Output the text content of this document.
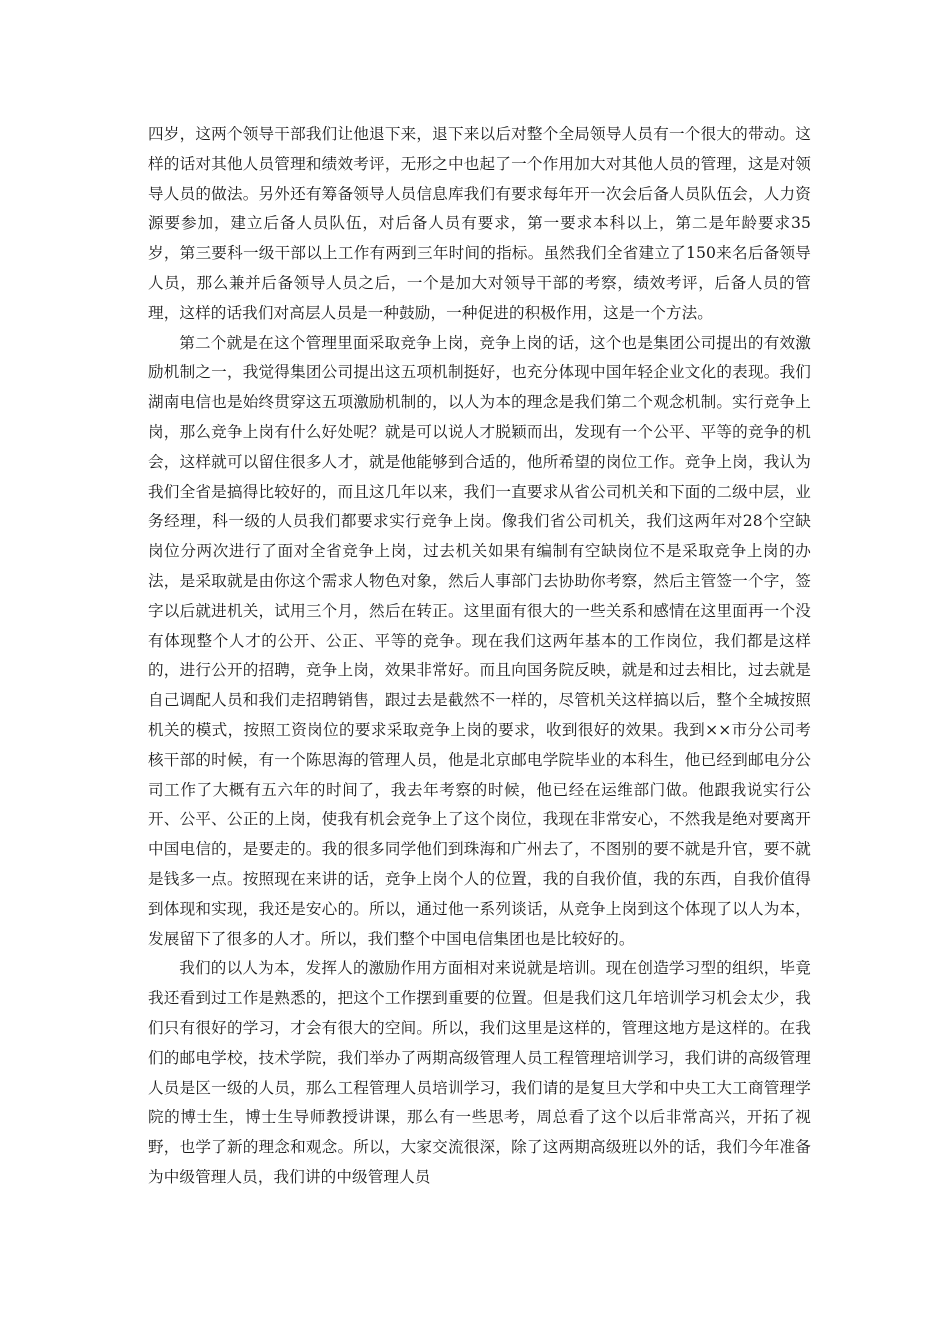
四岁，这两个领导干部我们让他退下来，退下来以后对整个全局领导人员有一个很大的带动。这样的话对其他人员管理和绩效考评，无形之中也起了一个作用加大对其他人员的管理，这是对领导人员的做法。另外还有筹备领导人员信息库我们有要求每年开一次会后备人员队伍会，人力资源要参加，建立后备人员队伍，对后备人员有要求，第一要求本科以上，第二是年龄要求35岁，第三要科一级干部以上工作有两到三年时间的指标。虽然我们全省建立了150来名后备领导人员，那么兼并后备领导人员之后，一个是加大对领导干部的考察，绩效考评，后备人员的管理，这样的话我们对高层人员是一种鼓励，一种促进的积极作用，这是一个方法。

第二个就是在这个管理里面采取竞争上岗，竞争上岗的话，这个也是集团公司提出的有效激励机制之一，我觉得集团公司提出这五项机制挺好，也充分体现中国年轻企业文化的表现。我们湖南电信也是始终贯穿这五项激励机制的，以人为本的理念是我们第二个观念机制。实行竞争上岗，那么竞争上岗有什么好处呢？就是可以说人才脱颖而出，发现有一个公平、平等的竞争的机会，这样就可以留住很多人才，就是他能够到合适的，他所希望的岗位工作。竞争上岗，我认为我们全省是搞得比较好的，而且这几年以来，我们一直要求从省公司机关和下面的二级中层，业务经理，科一级的人员我们都要求实行竞争上岗。像我们省公司机关，我们这两年对28个空缺岗位分两次进行了面对全省竞争上岗，过去机关如果有编制有空缺岗位不是采取竞争上岗的办法，是采取就是由你这个需求人物色对象，然后人事部门去协助你考察，然后主管签一个字，签字以后就进机关，试用三个月，然后在转正。这里面有很大的一些关系和感情在这里面再一个没有体现整个人才的公开、公正、平等的竞争。现在我们这两年基本的工作岗位，我们都是这样的，进行公开的招聘，竞争上岗，效果非常好。而且向国务院反映，就是和过去相比，过去就是自己调配人员和我们走招聘销售，跟过去是截然不一样的，尽管机关这样搞以后，整个全城按照机关的模式，按照工资岗位的要求采取竞争上岗的要求，收到很好的效果。我到××市分公司考核干部的时候，有一个陈思海的管理人员，他是北京邮电学院毕业的本科生，他已经到邮电分公司工作了大概有五六年的时间了，我去年考察的时候，他已经在运维部门做。他跟我说实行公开、公平、公正的上岗，使我有机会竞争上了这个岗位，我现在非常安心，不然我是绝对要离开中国电信的，是要走的。我的很多同学他们到珠海和广州去了，不图别的要不就是升官，要不就是钱多一点。按照现在来讲的话，竞争上岗个人的位置，我的自我价值，我的东西，自我价值得到体现和实现，我还是安心的。所以，通过他一系列谈话，从竞争上岗到这个体现了以人为本，发展留下了很多的人才。所以，我们整个中国电信集团也是比较好的。

我们的以人为本，发挥人的激励作用方面相对来说就是培训。现在创造学习型的组织，毕竟我还看到过工作是熟悉的，把这个工作摆到重要的位置。但是我们这几年培训学习机会太少，我们只有很好的学习，才会有很大的空间。所以，我们这里是这样的，管理这地方是这样的。在我们的邮电学校，技术学院，我们举办了两期高级管理人员工程管理培训学习，我们讲的高级管理人员是区一级的人员，那么工程管理人员培训学习，我们请的是复旦大学和中央工大工商管理学院的博士生，博士生导师教授讲课，那么有一些思考，周总看了这个以后非常高兴，开拓了视野，也学了新的理念和观念。所以，大家交流很深，除了这两期高级班以外的话，我们今年准备为中级管理人员，我们讲的中级管理人员
